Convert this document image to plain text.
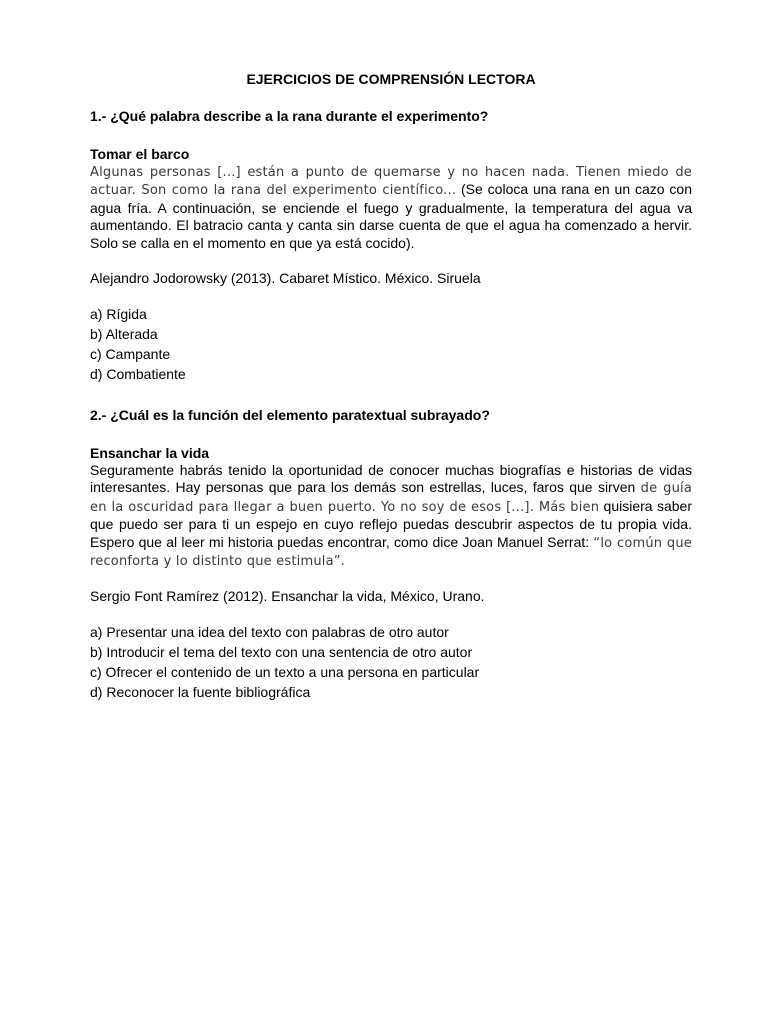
EJERCICIOS DE COMPRENSIÓN LECTORA

1.- ¿Qué palabra describe a la rana durante el experimento?

Tomar el barco

Algunas personas [...] están a punto de quemarse y no hacen nada. Tienen miedo de actuar. Son como la rana del experimento científico... (Se coloca una rana en un cazo con agua fría. A continuación, se enciende el fuego y gradualmente, la temperatura del agua va aumentando. El batracio canta y canta sin darse cuenta de que el agua ha comenzado a hervir. Solo se calla en el momento en que ya está cocido).

Alejandro Jodorowsky (2013). Cabaret Místico. México. Siruela

a) Rígida
b) Alterada
c) Campante
d) Combatiente

2.- ¿Cuál es la función del elemento paratextual subrayado?

Ensanchar la vida

Seguramente habrás tenido la oportunidad de conocer muchas biografías e historias de vidas interesantes. Hay personas que para los demás son estrellas, luces, faros que sirven de guía en la oscuridad para llegar a buen puerto. Yo no soy de esos [...]. Más bien quisiera saber que puedo ser para ti un espejo en cuyo reflejo puedas descubrir aspectos de tu propia vida. Espero que al leer mi historia puedas encontrar, como dice Joan Manuel Serrat: “lo común que reconforta y lo distinto que estimula”.

Sergio Font Ramírez (2012). Ensanchar la vida, México, Urano.

a) Presentar una idea del texto con palabras de otro autor
b) Introducir el tema del texto con una sentencia de otro autor
c) Ofrecer el contenido de un texto a una persona en particular
d) Reconocer la fuente bibliográfica
